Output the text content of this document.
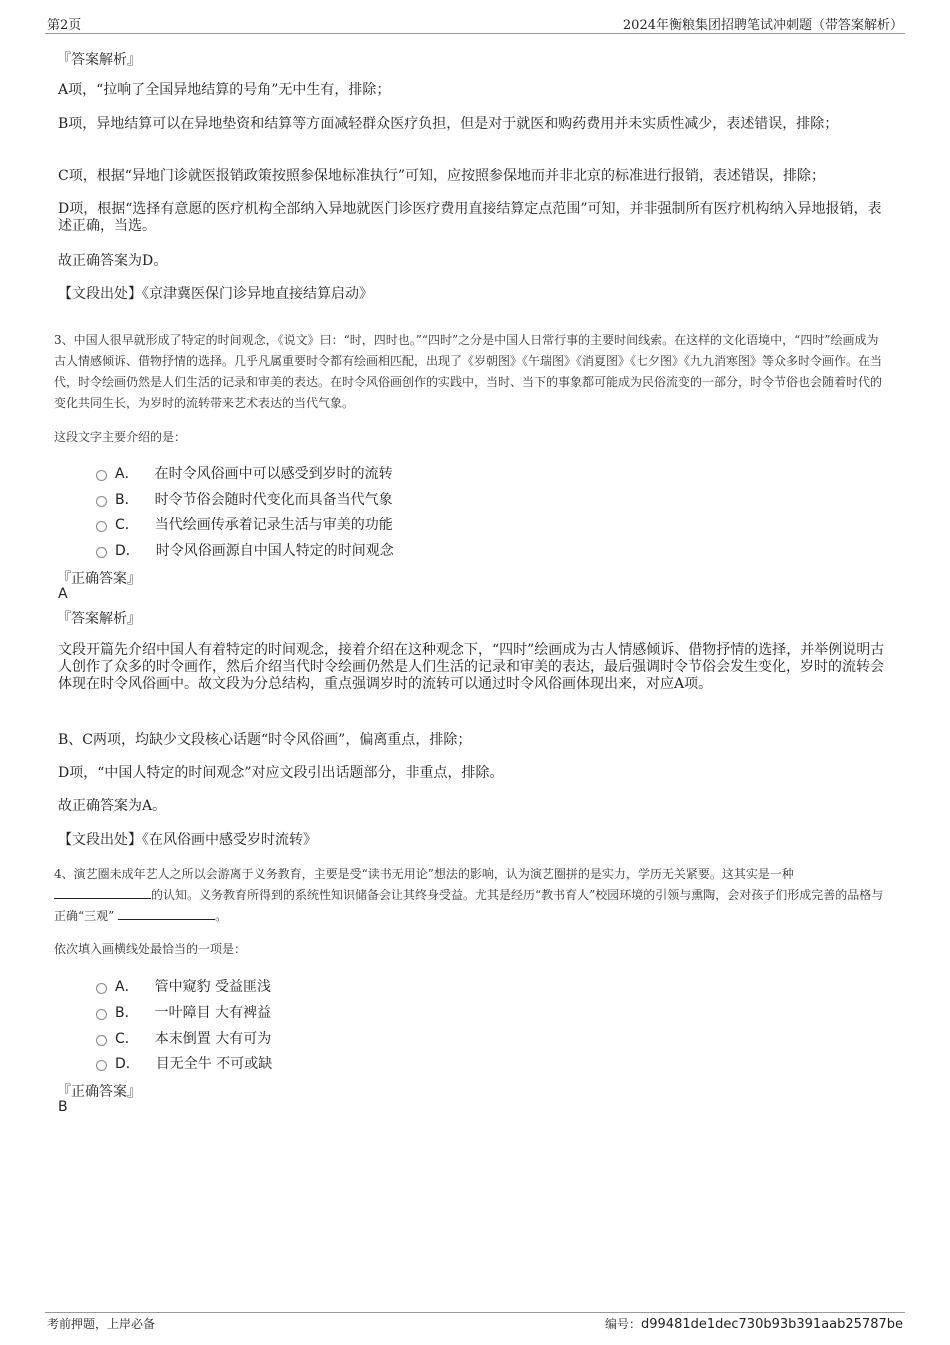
第2页	2024年衡粮集团招聘笔试冲刺题（带答案解析）
『答案解析』
A项，“拉响了全国异地结算的号角”无中生有，排除；
B项，异地结算可以在异地垫资和结算等方面减轻群众医疗负担，但是对于就医和购药费用并未实质性减少，表述错误，排除；
C项，根据“异地门诊就医报销政策按照参保地标准执行”可知，应按照参保地而并非北京的标准进行报销，表述错误，排除；
D项，根据“选择有意愿的医疗机构全部纳入异地就医门诊医疗费用直接结算定点范围”可知，并非强制所有医疗机构纳入异地报销，表述正确，当选。
故正确答案为D。
【文段出处】《京津冀医保门诊异地直接结算启动》
3、中国人很早就形成了特定的时间观念，《说文》曰：“时，四时也。”“四时”之分是中国人日常行事的主要时间线索。在这样的文化语境中，“四时”绘画成为古人情感倾诉、借物抒情的选择。几乎凡属重要时令都有绘画相匹配，出现了《岁朝图》《午瑞图》《消夏图》《七夕图》《九九消寒图》等众多时令画作。在当代，时令绘画仍然是人们生活的记录和审美的表达。在时令风俗画创作的实践中，当时、当下的事象都可能成为民俗流变的一部分，时令节俗也会随着时代的变化共同生长，为岁时的流转带来艺术表达的当代气象。
这段文字主要介绍的是：
A． 在时令风俗画中可以感受到岁时的流转
B． 时令节俗会随时代变化而具备当代气象
C． 当代绘画传承着记录生活与审美的功能
D． 时令风俗画源自中国人特定的时间观念
『正确答案』
A
『答案解析』
文段开篇先介绍中国人有着特定的时间观念，接着介绍在这种观念下，“四时”绘画成为古人情感倾诉、借物抒情的选择，并举例说明古人创作了众多的时令画作，然后介绍当代时令绘画仍然是人们生活的记录和审美的表达，最后强调时令节俗会发生变化，岁时的流转会体现在时令风俗画中。故文段为分总结构，重点强调岁时的流转可以通过时令风俗画体现出来，对应A项。
B、C两项，均缺少文段核心话题“时令风俗画”，偏离重点，排除；
D项，“中国人特定的时间观念”对应文段引出话题部分，非重点，排除。
故正确答案为A。
【文段出处】《在风俗画中感受岁时流转》
4、演艺圈未成年艺人之所以会游离于义务教育，主要是受“读书无用论”想法的影响，认为演艺圈拼的是实力，学历无关紧要。这其实是一种的认知。义务教育所得到的系统性知识储备会让其终身受益。尤其是经历“教书育人”校园环境的引领与熏陶，会对孩子们形成完善的品格与正确“三观”	。
依次填入画横线处最恰当的一项是：
A． 管中窥豹 受益匪浅
B． 一叶障目 大有裨益
C． 本末倒置 大有可为
D． 目无全牛 不可或缺
『正确答案』
B
考前押题，上岸必备	编号：d99481de1dec730b93b391aab25787be
